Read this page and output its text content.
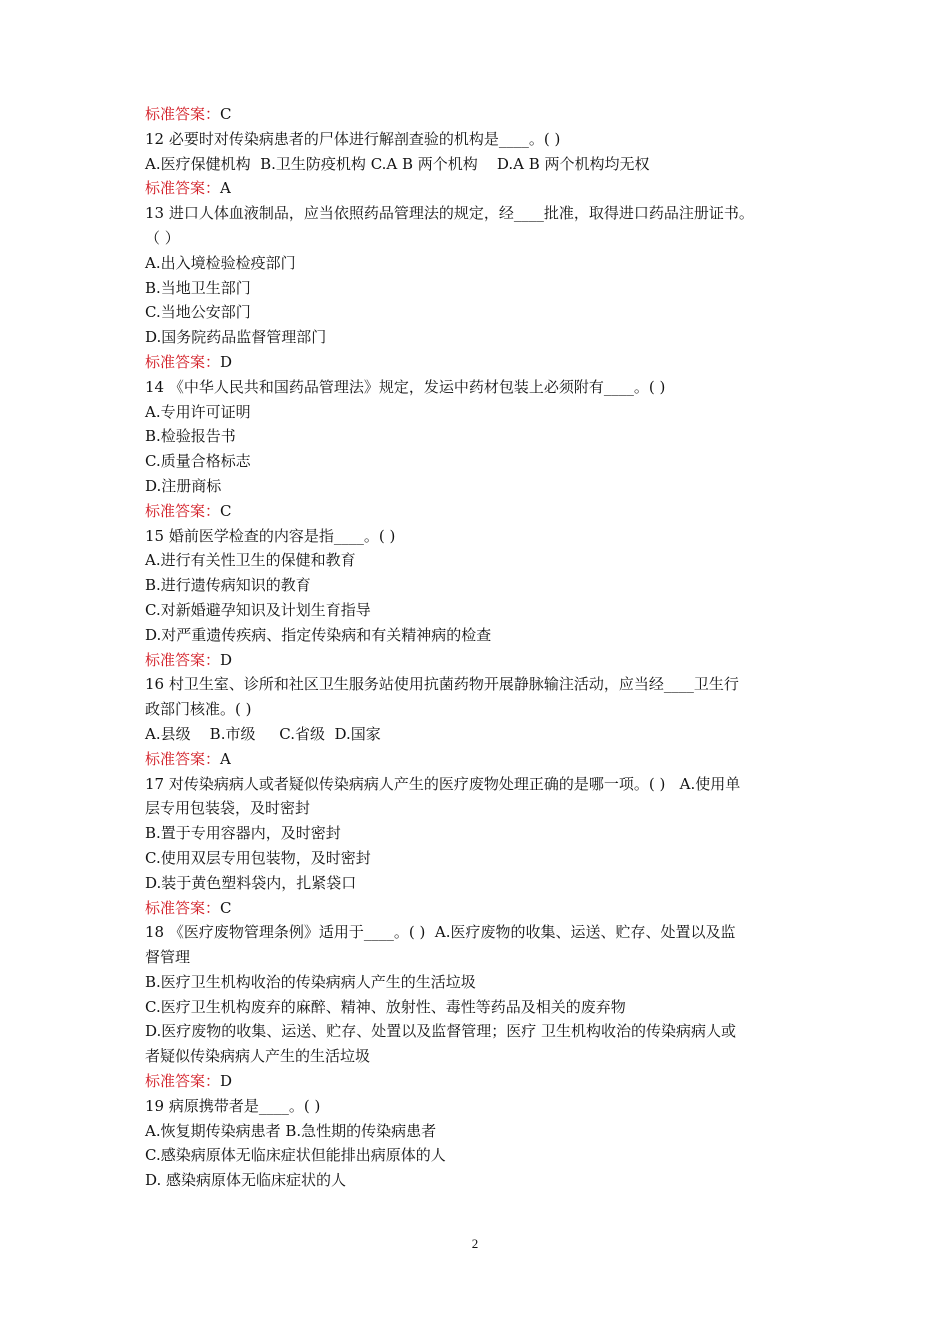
标准答案：C
12 必要时对传染病患者的尸体进行解剖查验的机构是____。( )
A.医疗保健机构  B.卫生防疫机构 C.A B 两个机构    D.A B 两个机构均无权
标准答案：A
13 进口人体血液制品，应当依照药品管理法的规定，经____批准，取得进口药品注册证书。
（ ）
A.出入境检验检疫部门
B.当地卫生部门
C.当地公安部门
D.国务院药品监督管理部门
标准答案：D
14 《中华人民共和国药品管理法》规定，发运中药材包装上必须附有____。( )
A.专用许可证明
B.检验报告书
C.质量合格标志
D.注册商标
标准答案：C
15 婚前医学检查的内容是指____。( )
A.进行有关性卫生的保健和教育
B.进行遗传病知识的教育
C.对新婚避孕知识及计划生育指导
D.对严重遗传疾病、指定传染病和有关精神病的检查
标准答案：D
16 村卫生室、诊所和社区卫生服务站使用抗菌药物开展静脉输注活动，应当经____卫生行
政部门核准。( )
A.县级    B.市级     C.省级  D.国家
标准答案：A
17 对传染病病人或者疑似传染病病人产生的医疗废物处理正确的是哪一项。( )   A.使用单
层专用包装袋，及时密封
B.置于专用容器内，及时密封
C.使用双层专用包装物，及时密封
D.装于黄色塑料袋内，扎紧袋口
标准答案：C
18 《医疗废物管理条例》适用于____。( )  A.医疗废物的收集、运送、贮存、处置以及监
督管理
B.医疗卫生机构收治的传染病病人产生的生活垃圾
C.医疗卫生机构废弃的麻醉、精神、放射性、毒性等药品及相关的废弃物
D.医疗废物的收集、运送、贮存、处置以及监督管理；医疗 卫生机构收治的传染病病人或
者疑似传染病病人产生的生活垃圾
标准答案：D
19 病原携带者是____。( )
A.恢复期传染病患者 B.急性期的传染病患者
C.感染病原体无临床症状但能排出病原体的人
D. 感染病原体无临床症状的人
2
